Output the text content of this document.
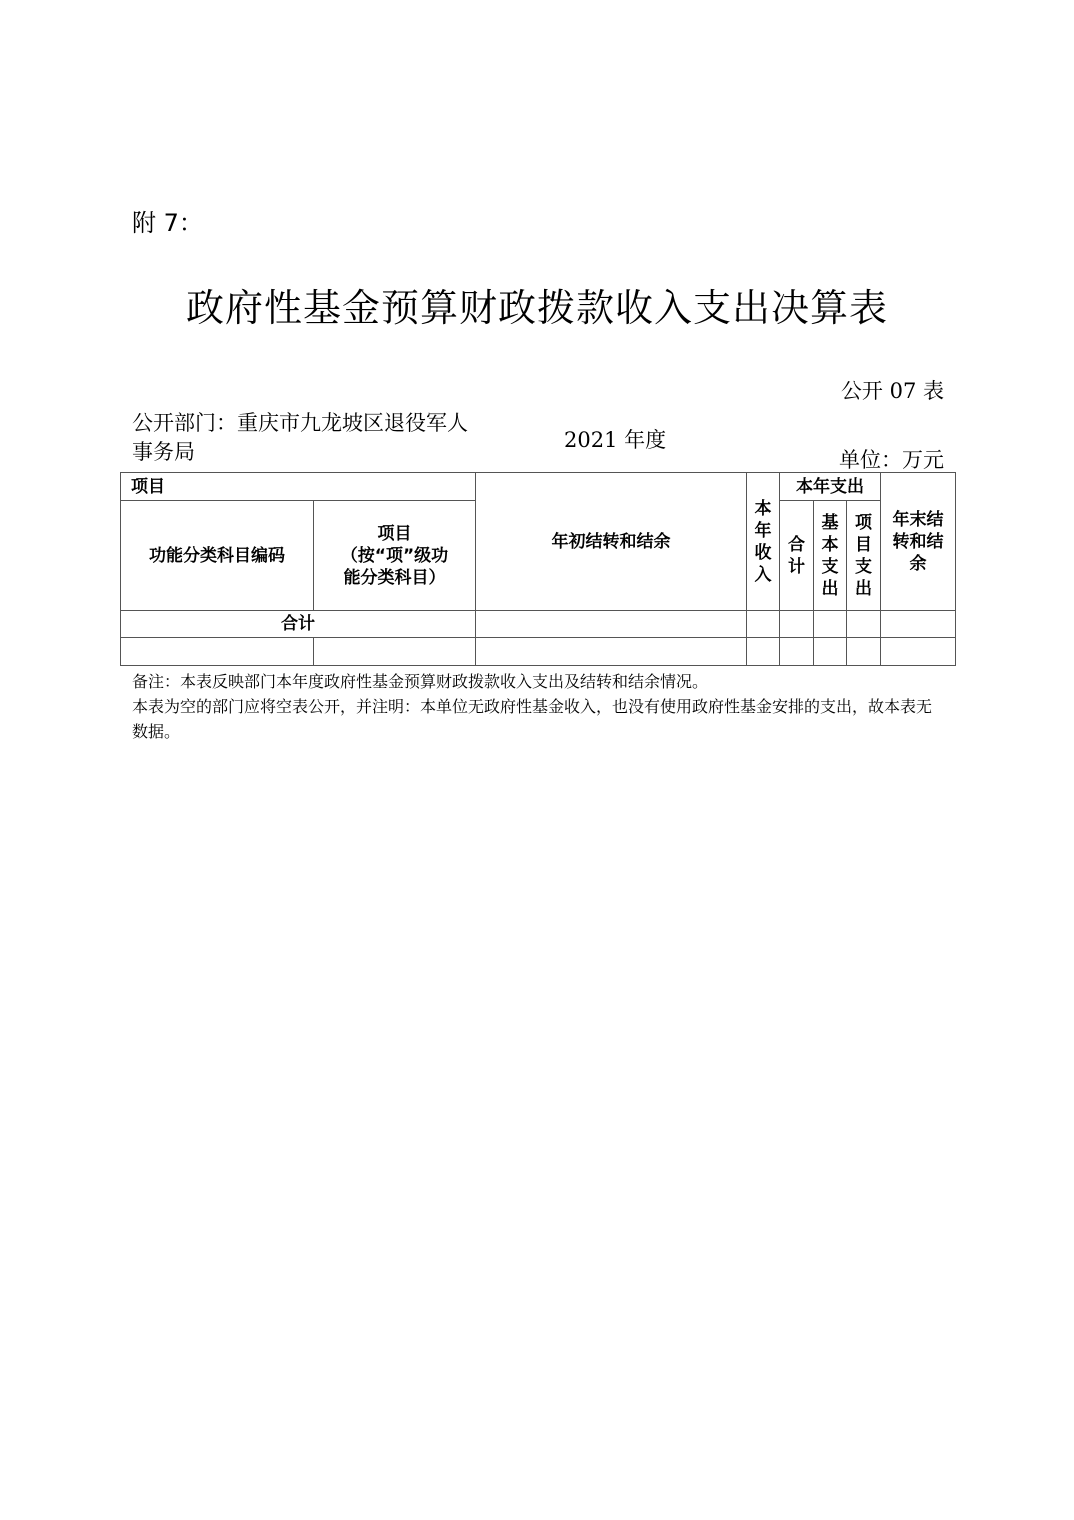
附 7：
政府性基金预算财政拨款收入支出决算表
公开 07 表
公开部门：重庆市九龙坡区退役军人事务局	2021 年度
单位：万元
项目		年初结转和结余	本年收入	本年支出			年末结转和结余
功能分类科目编码	项目（按“项”级功能分类科目）			合计	基本支出	项目支出	
合计							

备注：本表反映部门本年度政府性基金预算财政拨款收入支出及结转和结余情况。
本表为空的部门应将空表公开，并注明：本单位无政府性基金收入，也没有使用政府性基金安排的支出，故本表无数据。
